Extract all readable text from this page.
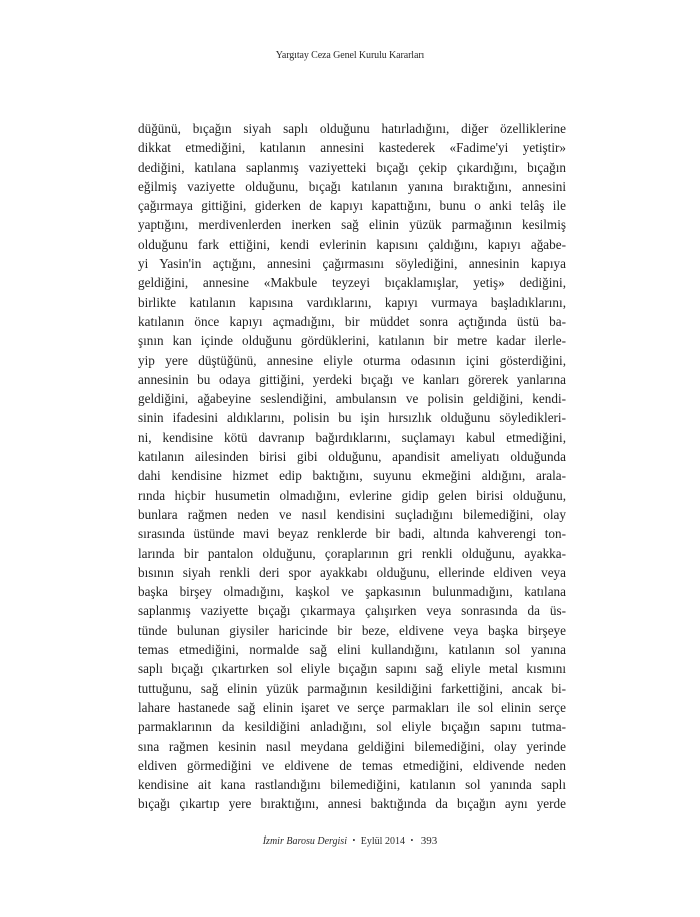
Yargıtay Ceza Genel Kurulu Kararları
düğünü, bıçağın siyah saplı olduğunu hatırladığını, diğer özelliklerine
dikkat etmediğini, katılanın annesini kastederek «Fadime'yi yetiştir»
dediğini, katılana saplanmış vaziyetteki bıçağı çekip çıkardığını, bıçağın
eğilmiş vaziyette olduğunu, bıçağı katılanın yanına bıraktığını, annesini
çağırmaya gittiğini, giderken de kapıyı kapattığını, bunu o anki telâş ile
yaptığını, merdivenlerden inerken sağ elinin yüzük parmağının kesilmiş
olduğunu fark ettiğini, kendi evlerinin kapısını çaldığını, kapıyı ağabe-
yi Yasin'in açtığını, annesini çağırmasını söylediğini, annesinin kapıya
geldiğini, annesine «Makbule teyzeyi bıçaklamışlar, yetiş» dediğini,
birlikte katılanın kapısına vardıklarını, kapıyı vurmaya başladıklarını,
katılanın önce kapıyı açmadığını, bir müddet sonra açtığında üstü ba-
şının kan içinde olduğunu gördüklerini, katılanın bir metre kadar ilerle-
yip yere düştüğünü, annesine eliyle oturma odasının içini gösterdiğini,
annesinin bu odaya gittiğini, yerdeki bıçağı ve kanları görerek yanlarına
geldiğini, ağabeyine seslendiğini, ambulansın ve polisin geldiğini, kendi-
sinin ifadesini aldıklarını, polisin bu işin hırsızlık olduğunu söyledikleri-
ni, kendisine kötü davranıp bağırdıklarını, suçlamayı kabul etmediğini,
katılanın ailesinden birisi gibi olduğunu, apandisit ameliyatı olduğunda
dahi kendisine hizmet edip baktığını, suyunu ekmeğini aldığını, arala-
rında hiçbir husumetin olmadığını, evlerine gidip gelen birisi olduğunu,
bunlara rağmen neden ve nasıl kendisini suçladığını bilemediğini, olay
sırasında üstünde mavi beyaz renklerde bir badi, altında kahverengi ton-
larında bir pantalon olduğunu, çoraplarının gri renkli olduğunu, ayakka-
bısının siyah renkli deri spor ayakkabı olduğunu, ellerinde eldiven veya
başka birşey olmadığını, kaşkol ve şapkasının bulunmadığını, katılana
saplanmış vaziyette bıçağı çıkarmaya çalışırken veya sonrasında da üs-
tünde bulunan giysiler haricinde bir beze, eldivene veya başka birşeye
temas etmediğini, normalde sağ elini kullandığını, katılanın sol yanına
saplı bıçağı çıkartırken sol eliyle bıçağın sapını sağ eliyle metal kısmını
tuttuğunu, sağ elinin yüzük parmağının kesildiğini farkettiğini, ancak bi-
lahare hastanede sağ elinin işaret ve serçe parmakları ile sol elinin serçe
parmaklarının da kesildiğini anladığını, sol eliyle bıçağın sapını tutma-
sına rağmen kesinin nasıl meydana geldiğini bilemediğini, olay yerinde
eldiven görmediğini ve eldivene de temas etmediğini, eldivende neden
kendisine ait kana rastlandığını bilemediğini, katılanın sol yanında saplı
bıçağı çıkartıp yere bıraktığını, annesi baktığında da bıçağın aynı yerde
İzmir Barosu Dergisi • Eylül 2014 • 393
